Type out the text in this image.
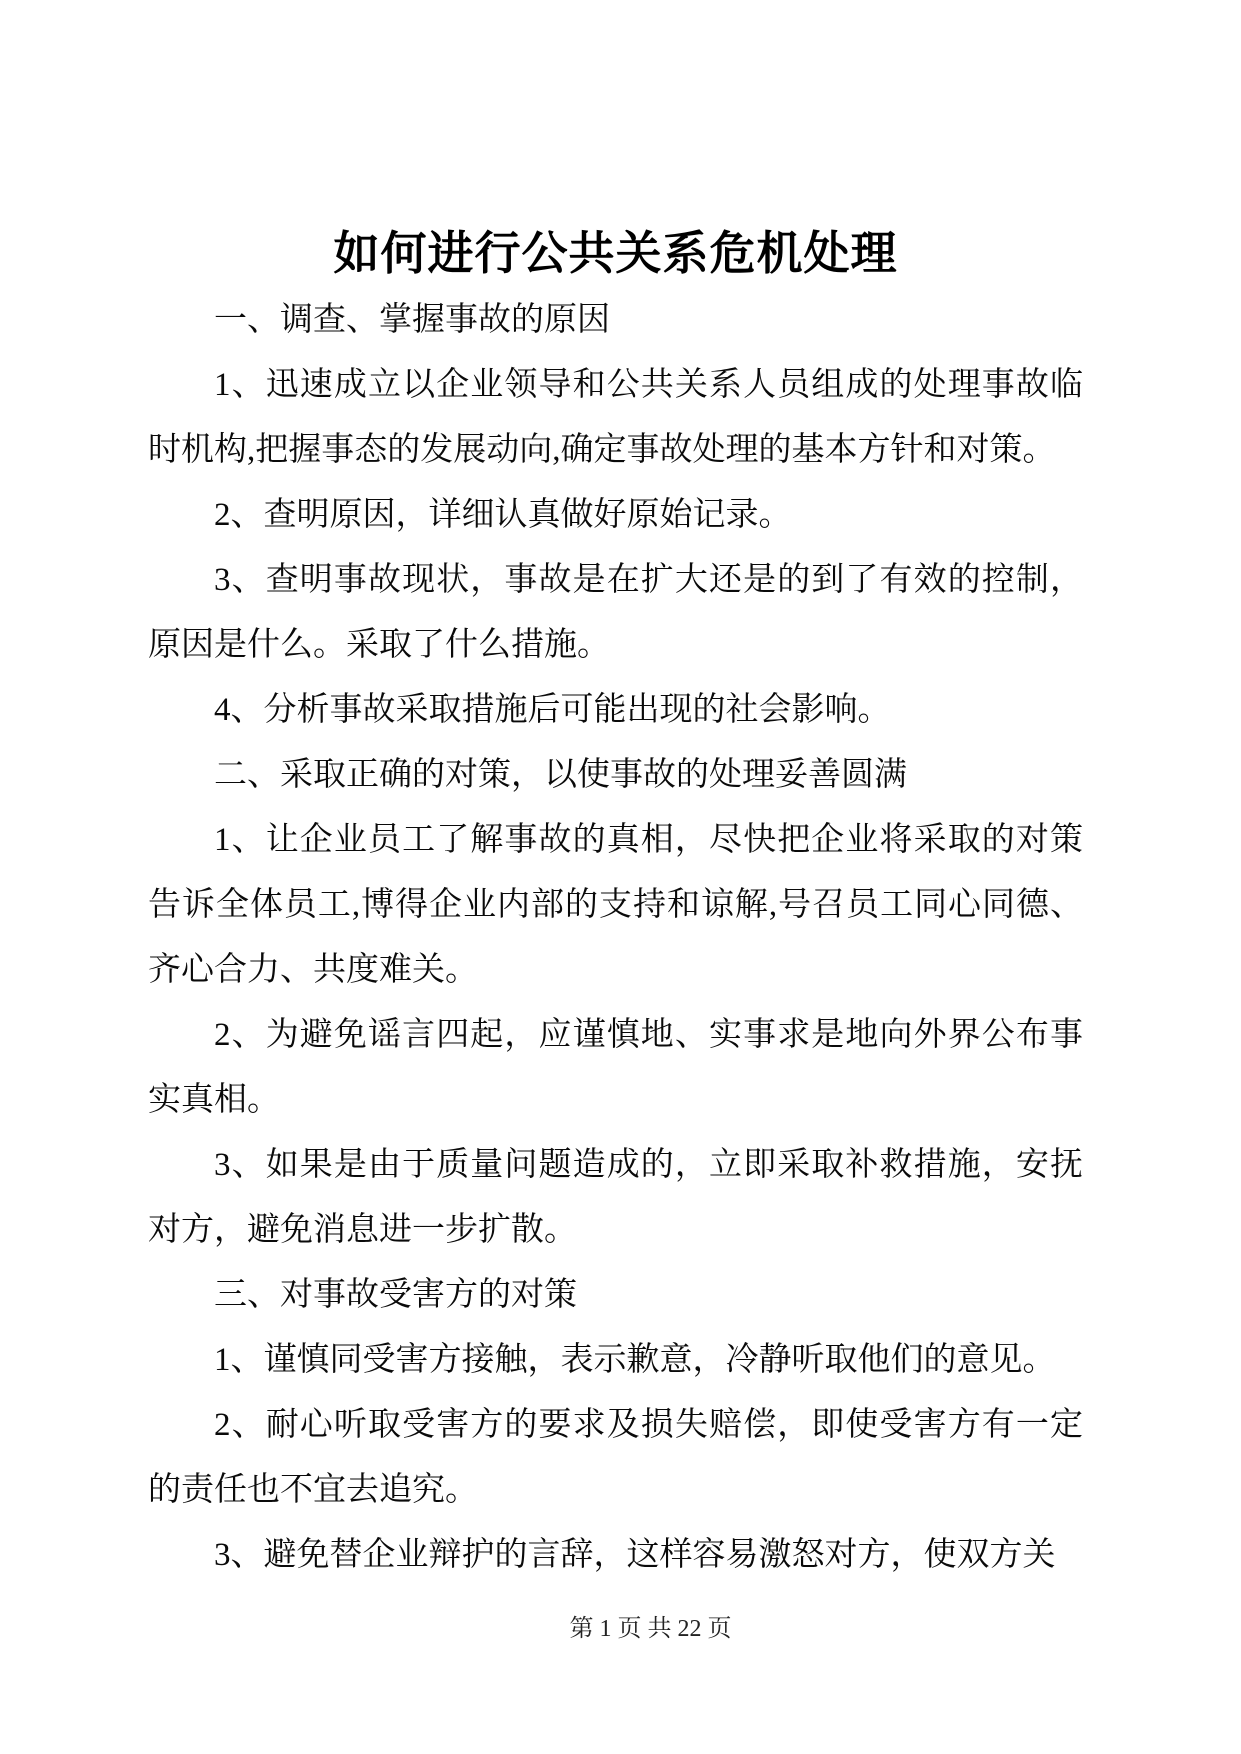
如何进行公共关系危机处理

一、调查、掌握事故的原因

1、迅速成立以企业领导和公共关系人员组成的处理事故临时机构,把握事态的发展动向,确定事故处理的基本方针和对策。

2、查明原因，详细认真做好原始记录。

3、查明事故现状，事故是在扩大还是的到了有效的控制，原因是什么。采取了什么措施。

4、分析事故采取措施后可能出现的社会影响。

二、采取正确的对策，以使事故的处理妥善圆满

1、让企业员工了解事故的真相，尽快把企业将采取的对策告诉全体员工,博得企业内部的支持和谅解,号召员工同心同德、齐心合力、共度难关。

2、为避免谣言四起，应谨慎地、实事求是地向外界公布事实真相。

3、如果是由于质量问题造成的，立即采取补救措施，安抚对方，避免消息进一步扩散。

三、对事故受害方的对策

1、谨慎同受害方接触，表示歉意，冷静听取他们的意见。

2、耐心听取受害方的要求及损失赔偿，即使受害方有一定的责任也不宜去追究。

3、避免替企业辩护的言辞，这样容易激怒对方，使双方关

第 1 页 共 22 页
